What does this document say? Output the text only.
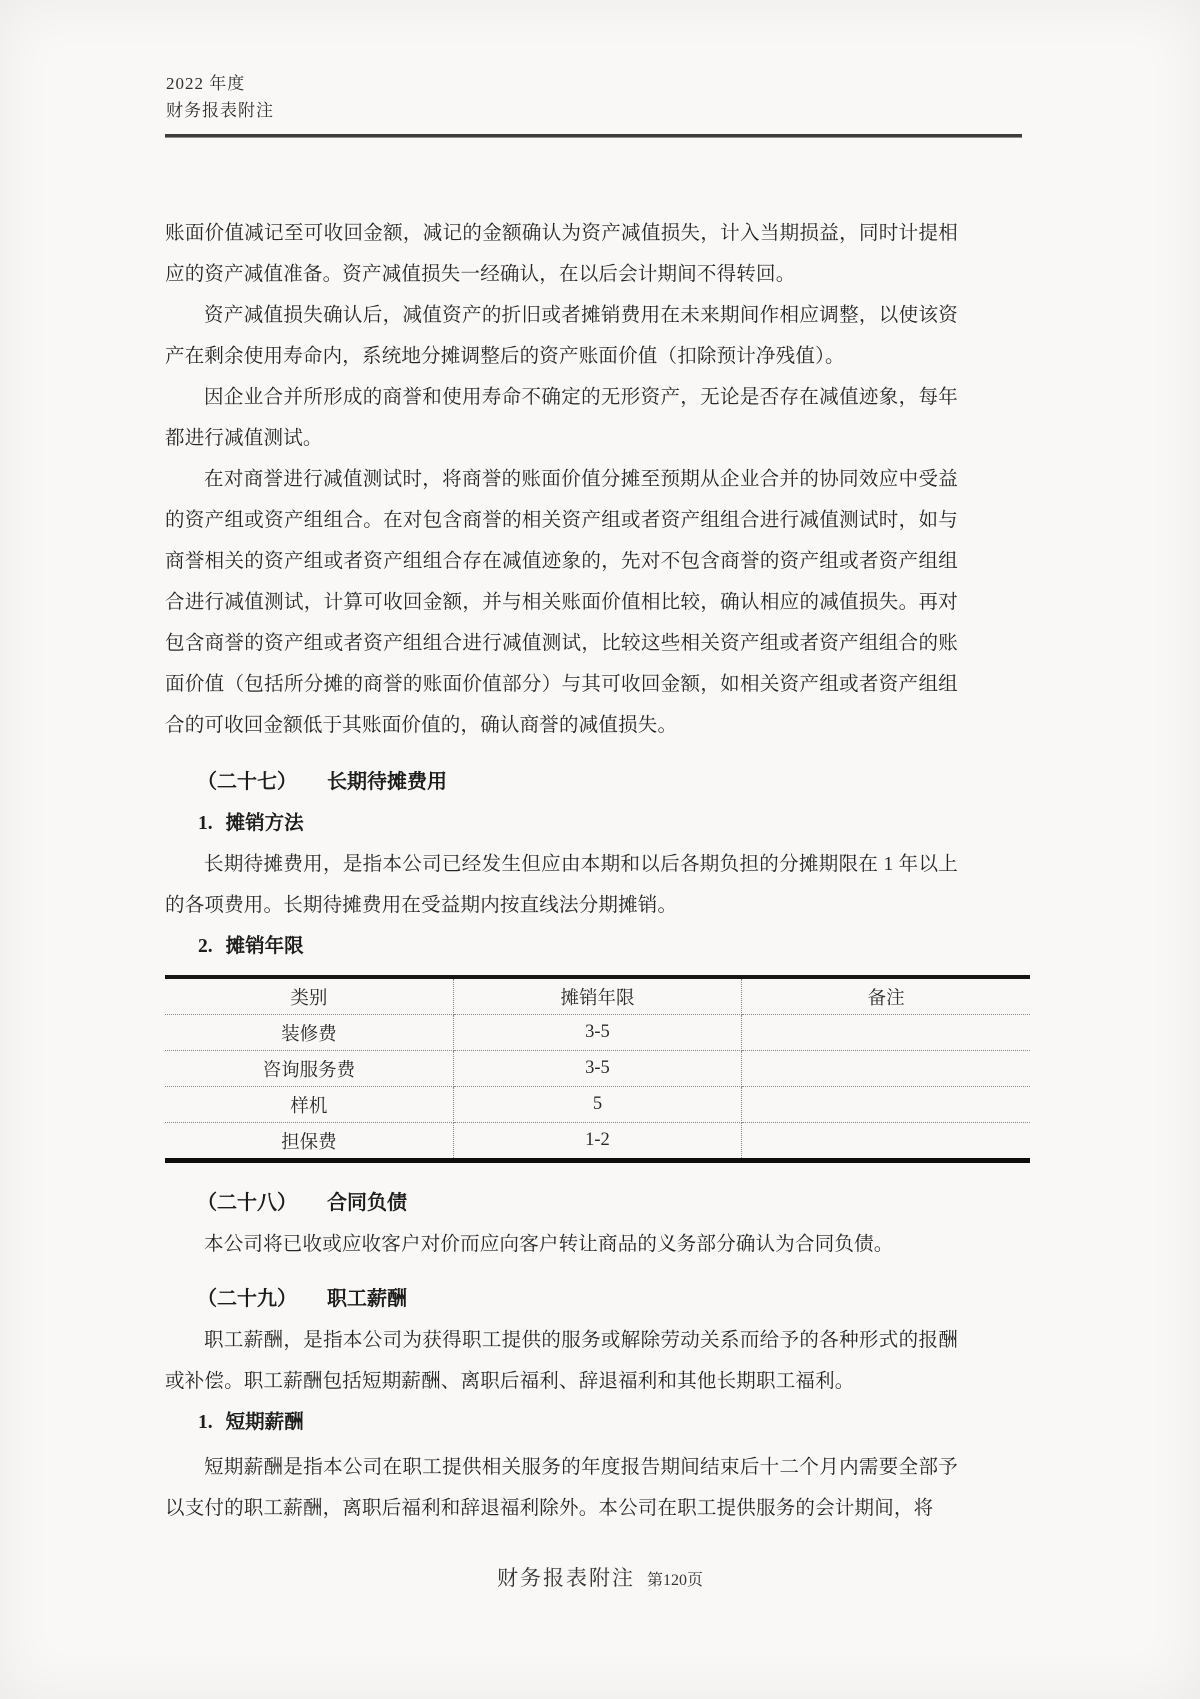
2022 年度
财务报表附注

账面价值减记至可收回金额，减记的金额确认为资产减值损失，计入当期损益，同时计提相应的资产减值准备。资产减值损失一经确认，在以后会计期间不得转回。

资产减值损失确认后，减值资产的折旧或者摊销费用在未来期间作相应调整，以使该资产在剩余使用寿命内，系统地分摊调整后的资产账面价值（扣除预计净残值）。

因企业合并所形成的商誉和使用寿命不确定的无形资产，无论是否存在减值迹象，每年都进行减值测试。

在对商誉进行减值测试时，将商誉的账面价值分摊至预期从企业合并的协同效应中受益的资产组或资产组组合。在对包含商誉的相关资产组或者资产组组合进行减值测试时，如与商誉相关的资产组或者资产组组合存在减值迹象的，先对不包含商誉的资产组或者资产组组合进行减值测试，计算可收回金额，并与相关账面价值相比较，确认相应的减值损失。再对包含商誉的资产组或者资产组组合进行减值测试，比较这些相关资产组或者资产组组合的账面价值（包括所分摊的商誉的账面价值部分）与其可收回金额，如相关资产组或者资产组组合的可收回金额低于其账面价值的，确认商誉的减值损失。

（二十七） 长期待摊费用

1. 摊销方法

长期待摊费用，是指本公司已经发生但应由本期和以后各期负担的分摊期限在 1 年以上的各项费用。长期待摊费用在受益期内按直线法分期摊销。

2. 摊销年限

类别	摊销年限	备注
装修费	3-5	
咨询服务费	3-5	
样机	5	
担保费	1-2	

（二十八） 合同负债

本公司将已收或应收客户对价而应向客户转让商品的义务部分确认为合同负债。

（二十九） 职工薪酬

职工薪酬，是指本公司为获得职工提供的服务或解除劳动关系而给予的各种形式的报酬或补偿。职工薪酬包括短期薪酬、离职后福利、辞退福利和其他长期职工福利。

1. 短期薪酬

短期薪酬是指本公司在职工提供相关服务的年度报告期间结束后十二个月内需要全部予以支付的职工薪酬，离职后福利和辞退福利除外。本公司在职工提供服务的会计期间，将

财务报表附注 第120页
